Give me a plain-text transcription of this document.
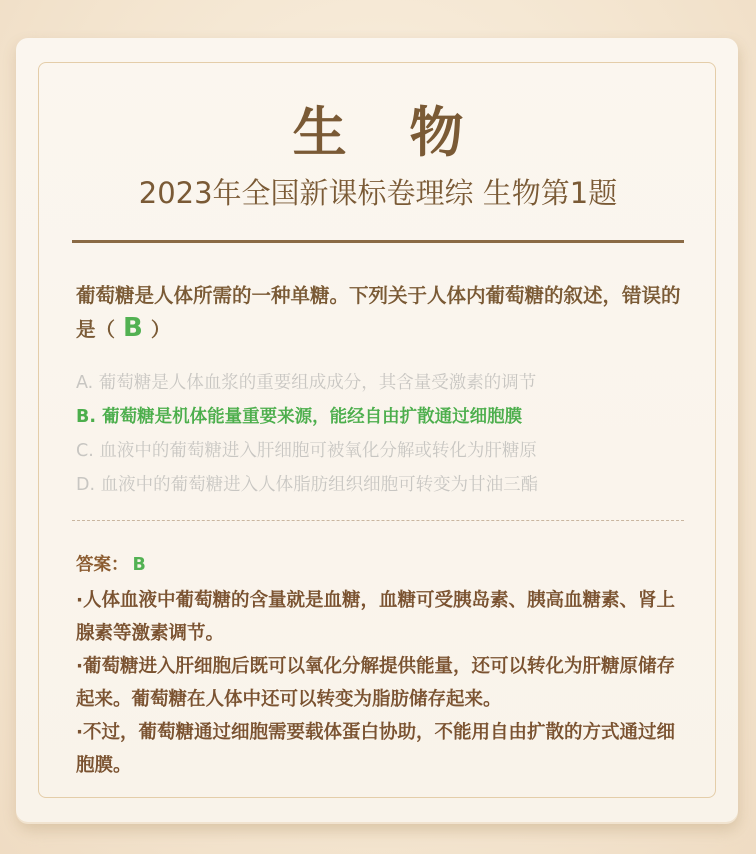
生 物
2023年全国新课标卷理综 生物第1题
葡萄糖是人体所需的一种单糖。下列关于人体内葡萄糖的叙述，错误的是（ B ）
A. 葡萄糖是人体血浆的重要组成成分，其含量受激素的调节
B. 葡萄糖是机体能量重要来源，能经自由扩散通过细胞膜
C. 血液中的葡萄糖进入肝细胞可被氧化分解或转化为肝糖原
D. 血液中的葡萄糖进入人体脂肪组织细胞可转变为甘油三酯
答案： B

·人体血液中葡萄糖的含量就是血糖，血糖可受胰岛素、胰高血糖素、肾上腺素等激素调节。

·葡萄糖进入肝细胞后既可以氧化分解提供能量，还可以转化为肝糖原储存起来。葡萄糖在人体中还可以转变为脂肪储存起来。

·不过，葡萄糖通过细胞需要载体蛋白协助，不能用自由扩散的方式通过细胞膜。
